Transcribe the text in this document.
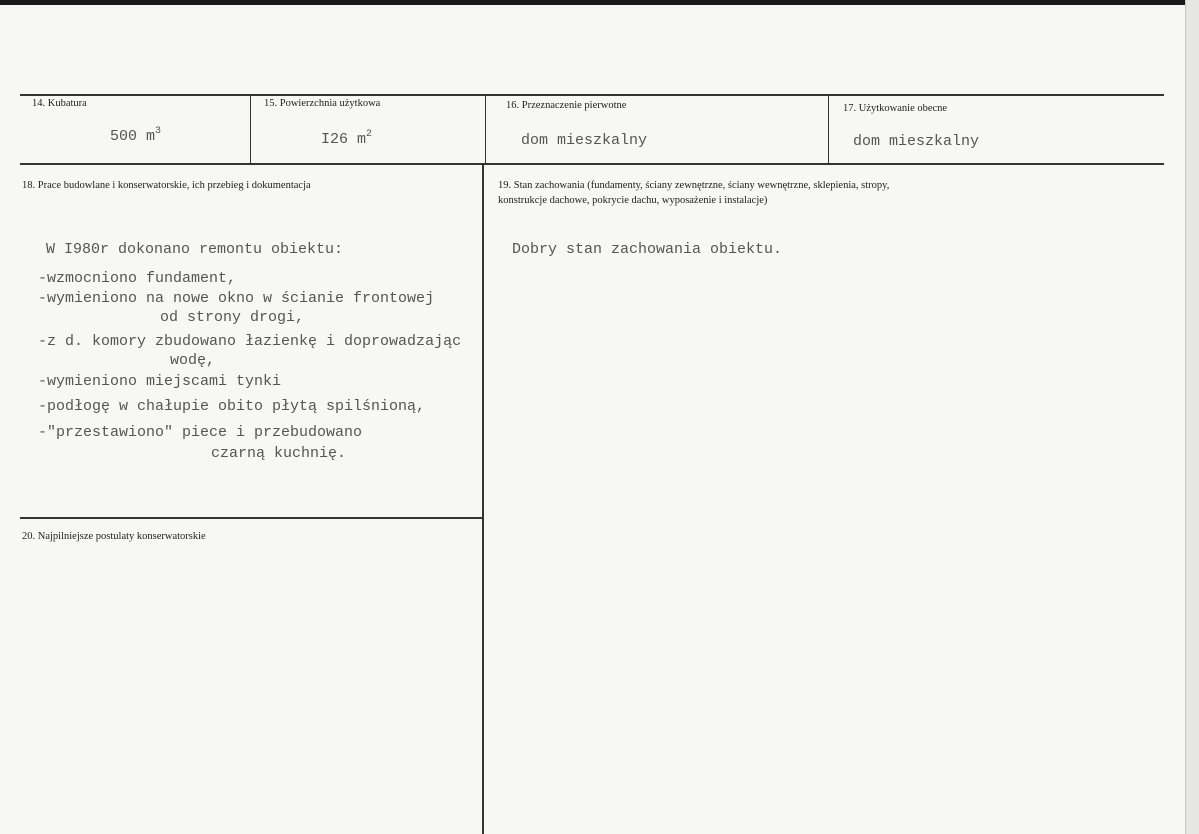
14. Kubatura
500 $m^3$
15. Powierzchnia użytkowa
I26 $m^2$
16. Przeznaczenie pierwotne
dom mieszkalny
17. Użytkowanie obecne
dom mieszkalny
18. Prace budowlane i konserwatorskie, ich przebieg i dokumentacja
W I980r dokonano remontu obiektu:
-wzmocniono fundament,
-wymieniono na nowe okno w ścianie frontowej
od strony drogi,
-z d. komory zbudowano łazienkę i doprowadzając
wodę,
-wymieniono miejscami tynki
-podłogę w chałupie obito płytą spilśnioną,
-"przestawiono" piece i przebudowano
czarną kuchnię.
19. Stan zachowania (fundamenty, ściany zewnętrzne, ściany wewnętrzne, sklepienia, stropy,
konstrukcje dachowe, pokrycie dachu, wyposażenie i instalacje)
Dobry stan zachowania obiektu.
20. Najpilniejsze postulaty konserwatorskie
